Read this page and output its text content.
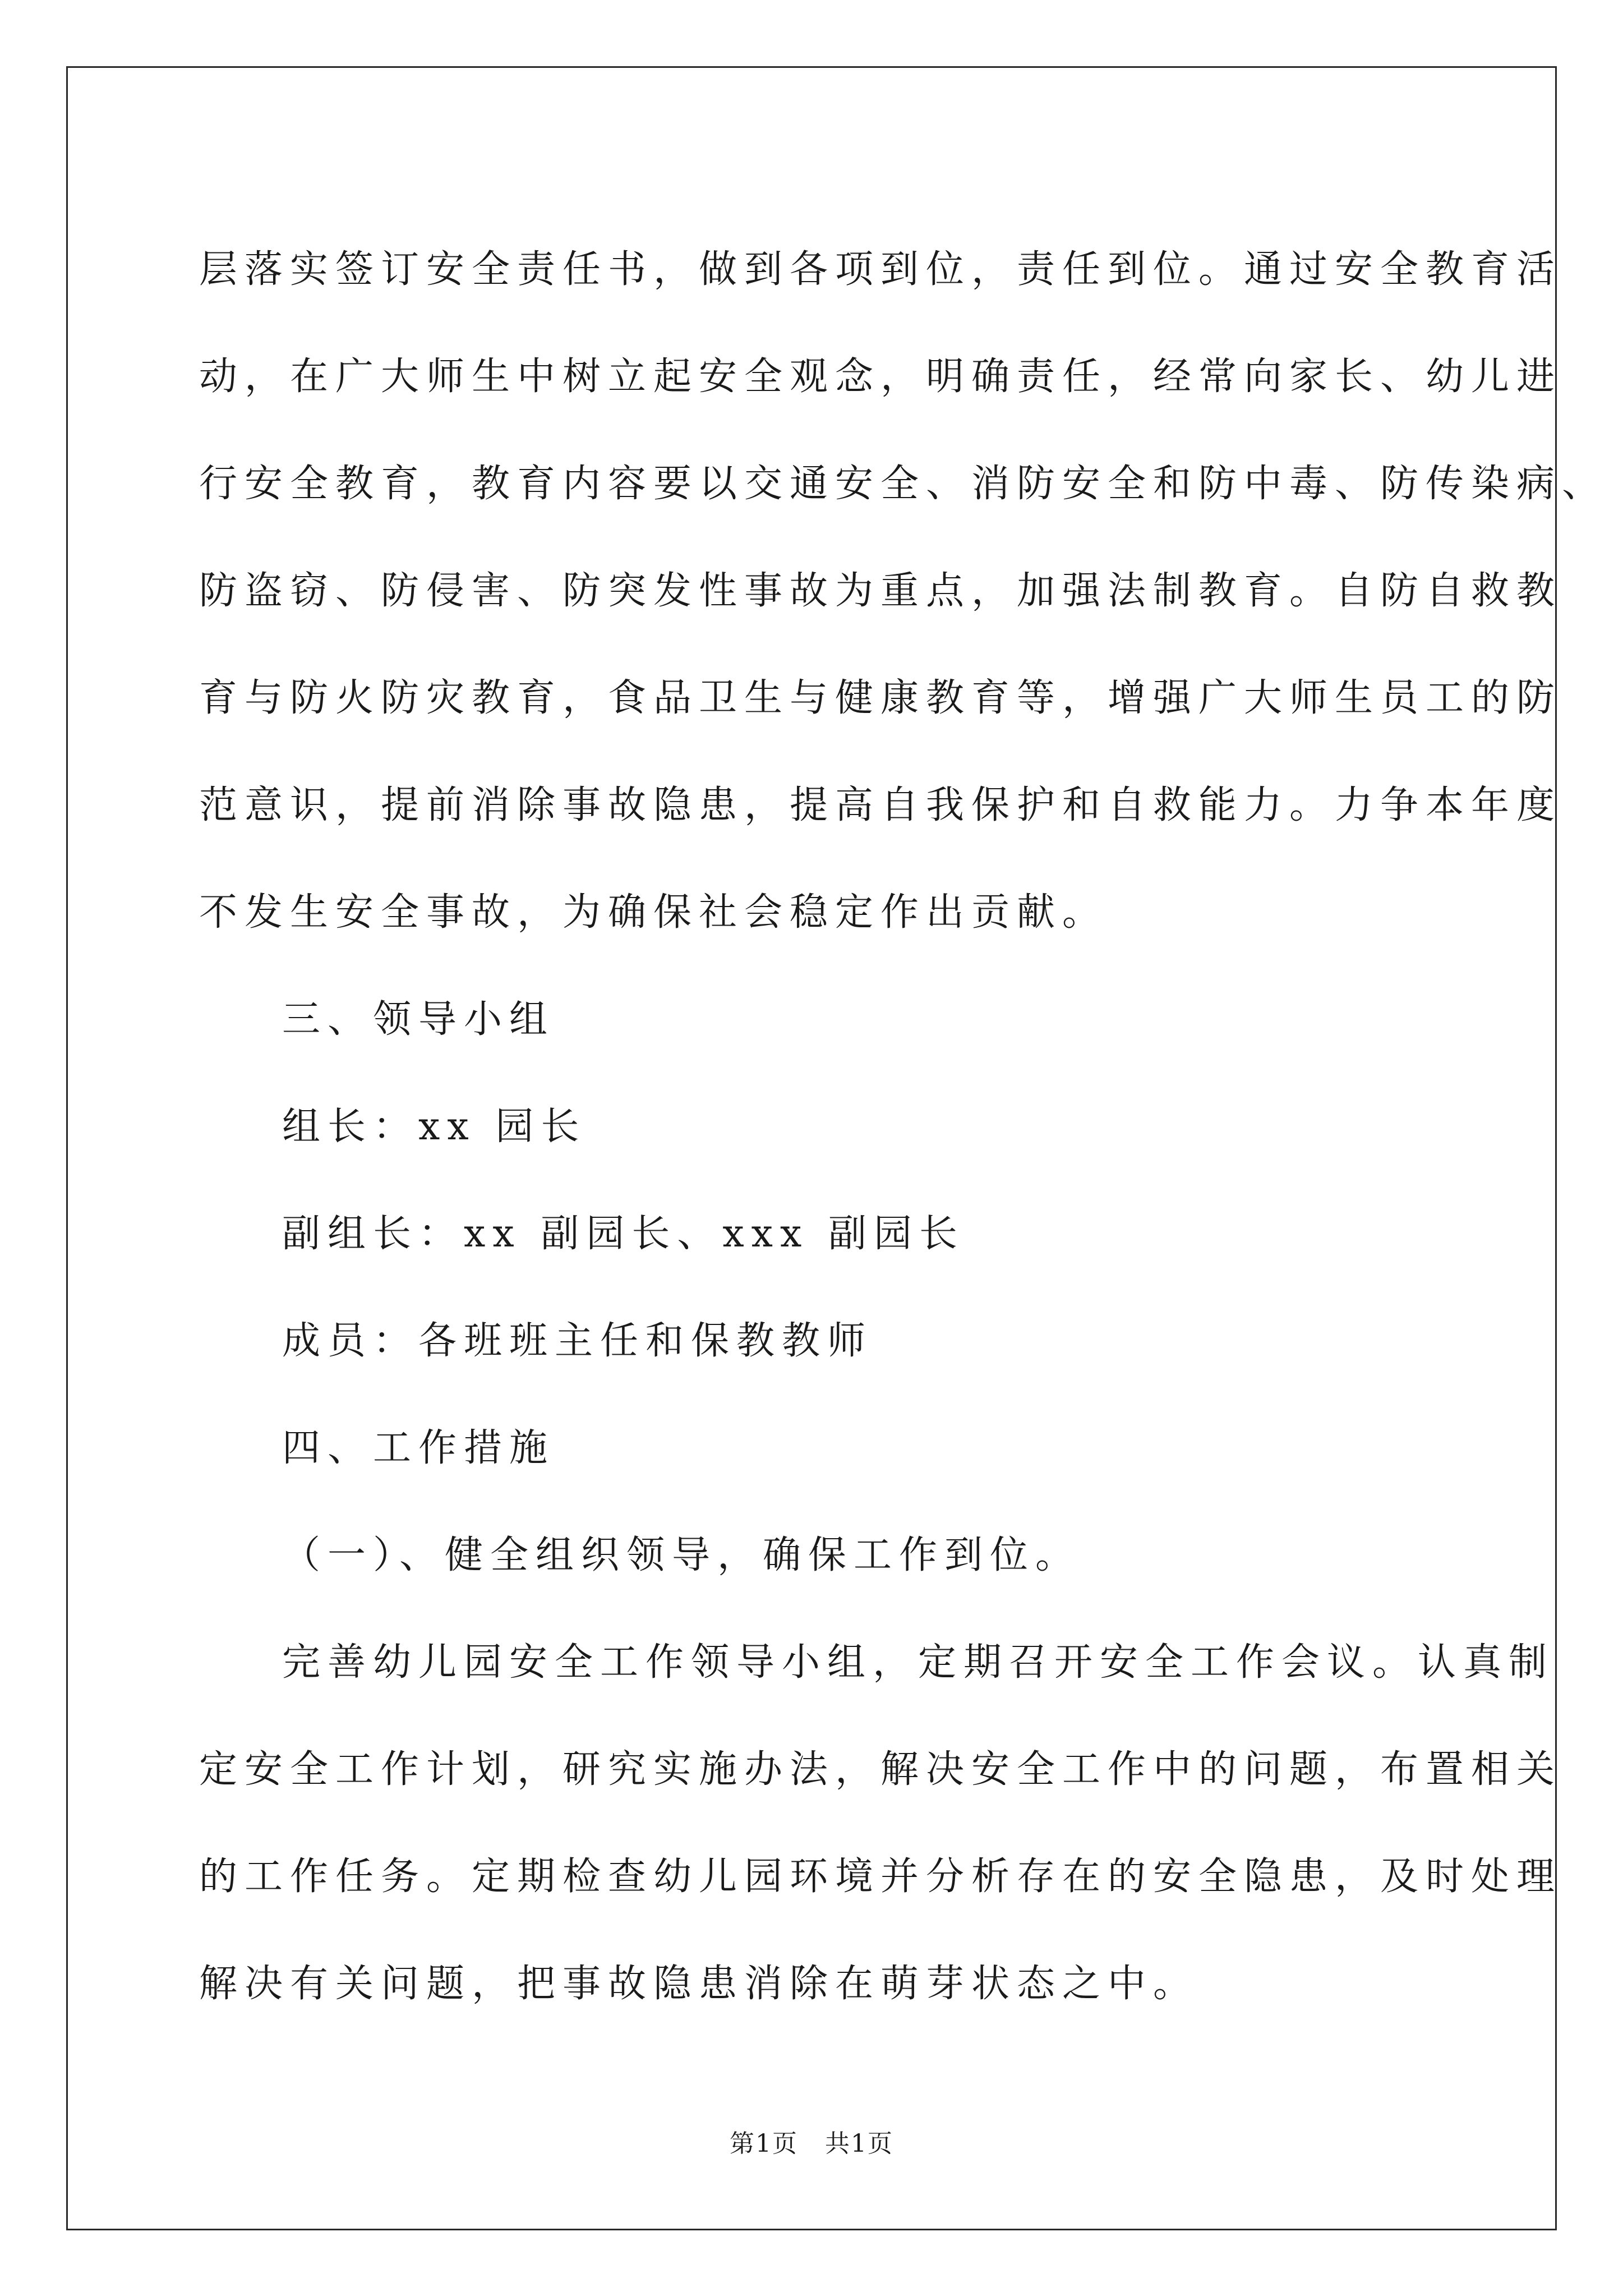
层落实签订安全责任书，做到各项到位，责任到位。通过安全教育活
动，在广大师生中树立起安全观念，明确责任，经常向家长、幼儿进
行安全教育，教育内容要以交通安全、消防安全和防中毒、防传染病、
防盗窃、防侵害、防突发性事故为重点，加强法制教育。自防自救教
育与防火防灾教育，食品卫生与健康教育等，增强广大师生员工的防
范意识，提前消除事故隐患，提高自我保护和自救能力。力争本年度
不发生安全事故，为确保社会稳定作出贡献。
三、领导小组
组长：xx 园长
副组长：xx 副园长、xxx 副园长
成员：各班班主任和保教教师
四、工作措施
（一）、健全组织领导，确保工作到位。
完善幼儿园安全工作领导小组，定期召开安全工作会议。认真制
定安全工作计划，研究实施办法，解决安全工作中的问题，布置相关
的工作任务。定期检查幼儿园环境并分析存在的安全隐患，及时处理
解决有关问题，把事故隐患消除在萌芽状态之中。
第1页   共1页
